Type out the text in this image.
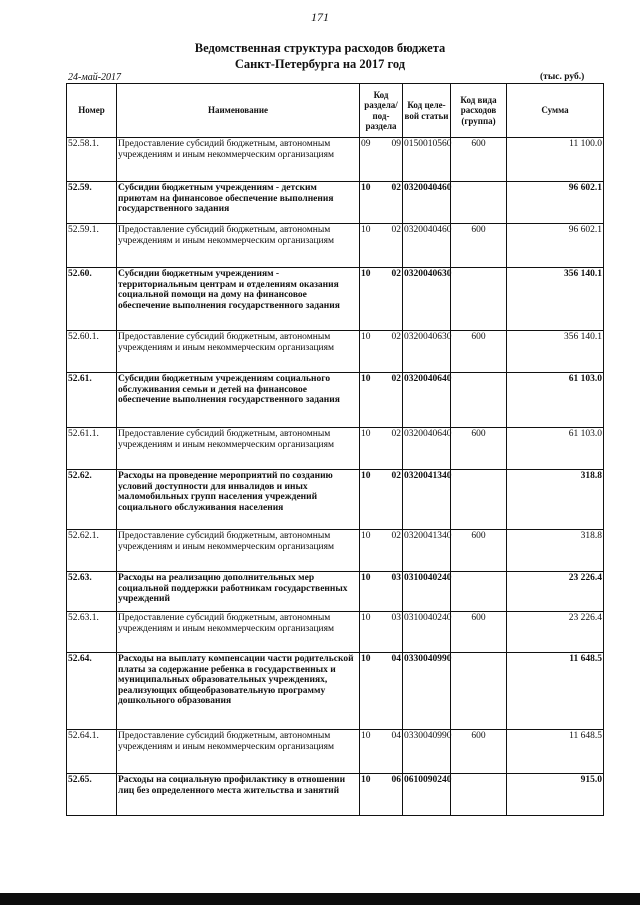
171
Ведомственная структура расходов бюджета
Санкт-Петербурга на 2017 год
24-май-2017	(тыс. руб.)
Номер	Наименование	Код раздела/ под-раздела		Код целе-вой статьи	Код вида расходов (группа)	Сумма
52.58.1.	Предоставление субсидий бюджетным, автономным учреждениям и иным некоммерческим организациям	09	09	0150010560	600	11 100.0
52.59.	Субсидии бюджетным учреждениям - детским приютам на финансовое обеспечение выполнения государственного задания	10	02	0320040460		96 602.1
52.59.1.	Предоставление субсидий бюджетным, автономным учреждениям и иным некоммерческим организациям	10	02	0320040460	600	96 602.1
52.60.	Субсидии бюджетным учреждениям - территориальным центрам и отделениям оказания социальной помощи на дому на финансовое обеспечение выполнения государственного задания	10	02	0320040630		356 140.1
52.60.1.	Предоставление субсидий бюджетным, автономным учреждениям и иным некоммерческим организациям	10	02	0320040630	600	356 140.1
52.61.	Субсидии бюджетным учреждениям социального обслуживания семьи и детей на финансовое обеспечение выполнения государственного задания	10	02	0320040640		61 103.0
52.61.1.	Предоставление субсидий бюджетным, автономным учреждениям и иным некоммерческим организациям	10	02	0320040640	600	61 103.0
52.62.	Расходы на проведение мероприятий по созданию условий доступности для инвалидов и иных маломобильных групп населения учреждений социального обслуживания населения	10	02	0320041340		318.8
52.62.1.	Предоставление субсидий бюджетным, автономным учреждениям и иным некоммерческим организациям	10	02	0320041340	600	318.8
52.63.	Расходы на реализацию дополнительных мер социальной поддержки работникам государственных учреждений	10	03	0310040240		23 226.4
52.63.1.	Предоставление субсидий бюджетным, автономным учреждениям и иным некоммерческим организациям	10	03	0310040240	600	23 226.4
52.64.	Расходы на выплату компенсации части родительской платы за содержание ребенка в государственных и муниципальных образовательных учреждениях, реализующих общеобразовательную программу дошкольного образования	10	04	0330040990		11 648.5
52.64.1.	Предоставление субсидий бюджетным, автономным учреждениям и иным некоммерческим организациям	10	04	0330040990	600	11 648.5
52.65.	Расходы на социальную профилактику в отношении лиц без определенного места жительства и занятий	10	06	0610090240		915.0
